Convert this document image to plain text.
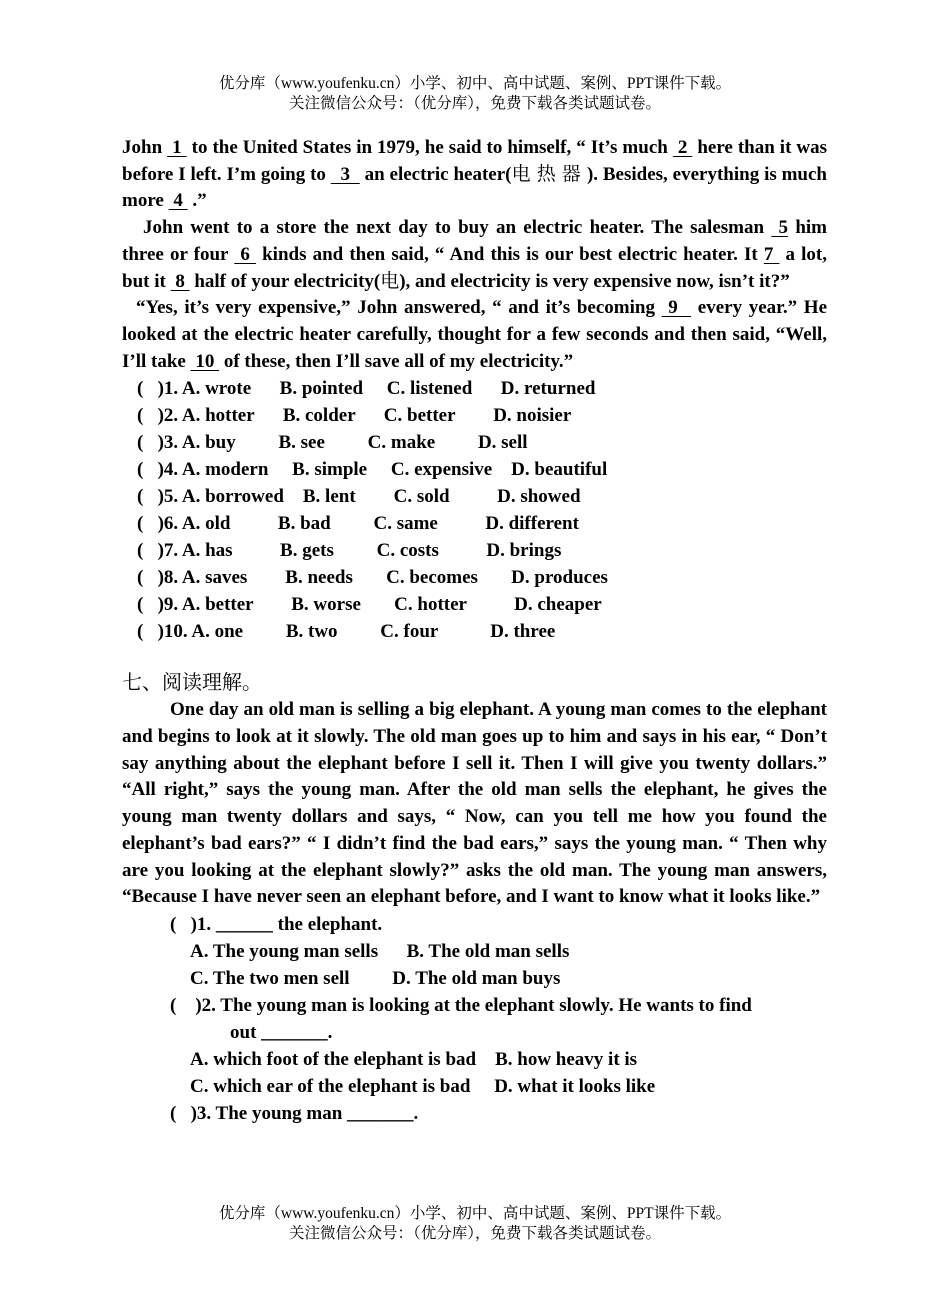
优分库（www.youfenku.cn）小学、初中、高中试题、案例、PPT课件下载。
关注微信公众号：（优分库），免费下载各类试题试卷。

John  1  to the United States in 1979, he said to himself, “ It’s much  2  here than it was before I left. I’m going to   3   an electric heater(电热器). Besides, everything is much more  4  .”

John went to a store the next day to buy an electric heater. The salesman  5 him three or four  6  kinds and then said, “ And this is our best electric heater. It 7  a lot, but it  8  half of your electricity(电), and electricity is very expensive now, isn’t it?”

“Yes, it’s very expensive,” John answered, “ and it’s becoming  9   every year.” He looked at the electric heater carefully, thought for a few seconds and then said, “Well, I’ll take  10  of these, then I’ll save all of my electricity.”

(   )1. A. wrote      B. pointed     C. listened      D. returned

(   )2. A. hotter      B. colder      C. better        D. noisier

(   )3. A. buy         B. see         C. make         D. sell

(   )4. A. modern     B. simple     C. expensive    D. beautiful

(   )5. A. borrowed    B. lent        C. sold          D. showed

(   )6. A. old          B. bad         C. same          D. different

(   )7. A. has          B. gets         C. costs          D. brings

(   )8. A. saves        B. needs       C. becomes       D. produces

(   )9. A. better        B. worse       C. hotter          D. cheaper

(   )10. A. one         B. two         C. four           D. three

七、阅读理解。

One day an old man is selling a big elephant. A young man comes to the elephant and begins to look at it slowly. The old man goes up to him and says in his ear, “ Don’t say anything about the elephant before I sell it. Then I will give you twenty dollars.” “All right,” says the young man. After the old man sells the elephant, he gives the young man twenty dollars and says, “ Now, can you tell me how you found the elephant’s bad ears?” “ I didn’t find the bad ears,” says the young man. “ Then why are you looking at the elephant slowly?” asks the old man. The young man answers, “Because I have never seen an elephant before, and I want to know what it looks like.”

(   )1. ______ the elephant.

A. The young man sells      B. The old man sells

C. The two men sell         D. The old man buys

(    )2. The young man is looking at the elephant slowly. He wants to find

out _______.

A. which foot of the elephant is bad    B. how heavy it is

C. which ear of the elephant is bad     D. what it looks like

(   )3. The young man _______.

优分库（www.youfenku.cn）小学、初中、高中试题、案例、PPT课件下载。
关注微信公众号：（优分库），免费下载各类试题试卷。
